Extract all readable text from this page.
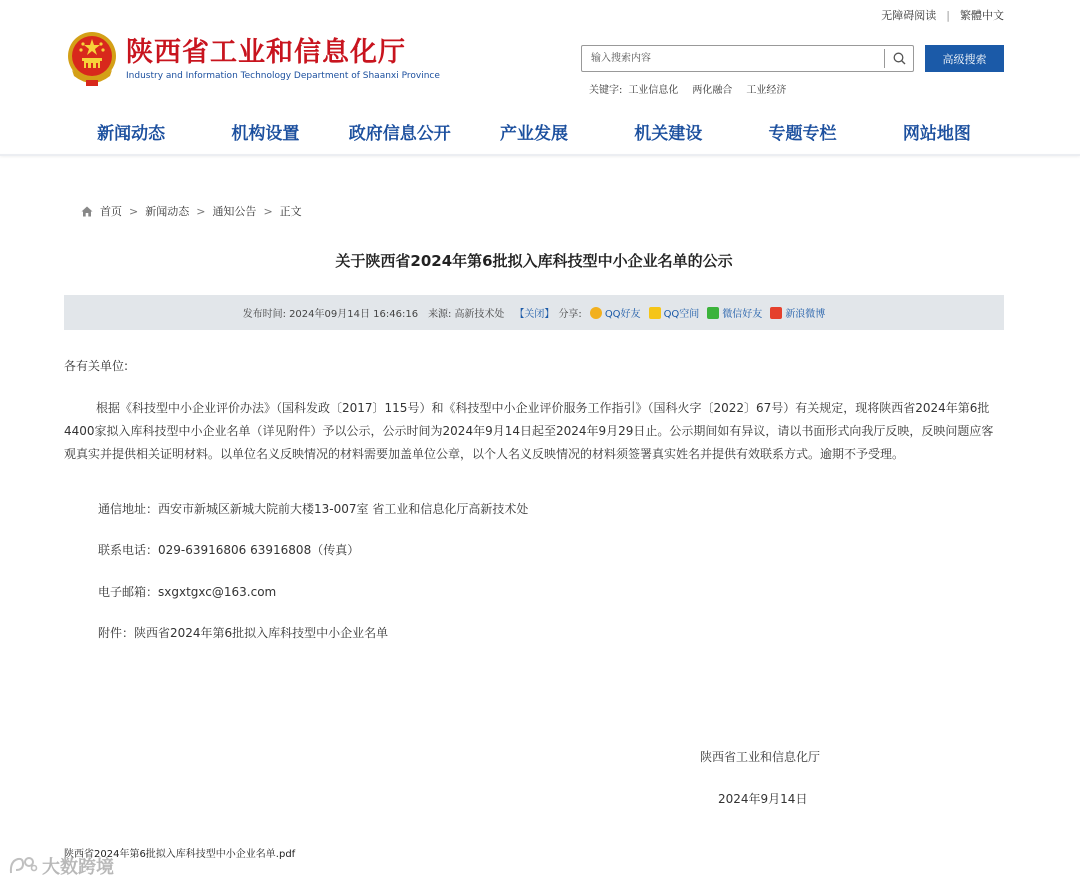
无障碍阅读 | 繁體中文
陕西省工业和信息化厅
Industry and Information Technology Department of Shaanxi Province
输入搜索内容
高级搜索
关键字: 工业信息化 两化融合 工业经济
新闻动态	机构设置	政府信息公开	产业发展	机关建设	专题专栏	网站地图
首页 > 新闻动态 > 通知公告 > 正文
关于陕西省2024年第6批拟入库科技型中小企业名单的公示
发布时间: 2024年09月14日 16:46:16 来源: 高新技术处 【关闭】 分享: QQ好友 QQ空间 微信好友 新浪微博
各有关单位:
根据《科技型中小企业评价办法》（国科发政〔2017〕115号）和《科技型中小企业评价服务工作指引》（国科火字〔2022〕67号）有关规定，现将陕西省2024年第6批4400家拟入库科技型中小企业名单（详见附件）予以公示，公示时间为2024年9月14日起至2024年9月29日止。公示期间如有异议，请以书面形式向我厅反映，反映问题应客观真实并提供相关证明材料。以单位名义反映情况的材料需要加盖单位公章，以个人名义反映情况的材料须签署真实姓名并提供有效联系方式。逾期不予受理。
通信地址：西安市新城区新城大院前大楼13-007室 省工业和信息化厅高新技术处
联系电话：029-63916806 63916808（传真）
电子邮箱：sxgxtgxc@163.com
附件：陕西省2024年第6批拟入库科技型中小企业名单
陕西省工业和信息化厅
2024年9月14日
陕西省2024年第6批拟入库科技型中小企业名单.pdf
大数跨境
